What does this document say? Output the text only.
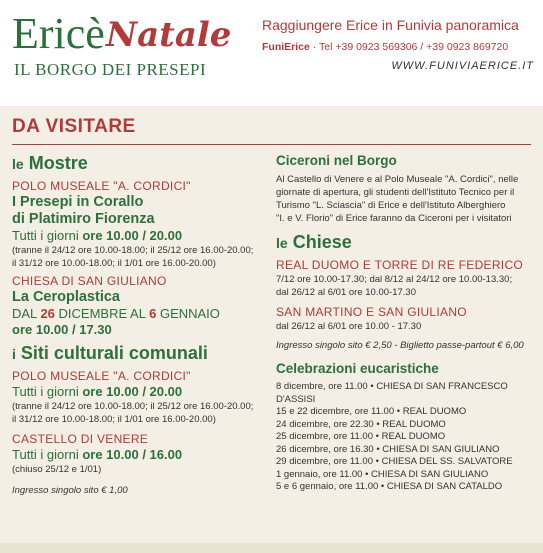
Ericè Natale
IL BORGO DEI PRESEPI
Raggiungere Erice in Funivia panoramica
FuniErice · Tel +39 0923 569306 / +39 0923 869720
WWW.FUNIVIAERICE.IT
DA VISITARE
le Mostre
POLO MUSEALE "A. CORDICI"
I Presepi in Corallo
di Platimiro Fiorenza
Tutti i giorni ore 10.00 / 20.00
(tranne il 24/12 ore 10.00-18.00; il 25/12 ore 16.00-20.00;
il 31/12 ore 10.00-18.00; il 1/01 ore 16.00-20.00)
CHIESA DI SAN GIULIANO
La Ceroplastica
DAL 26 DICEMBRE AL 6 GENNAIO
ore 10.00 / 17.30
i Siti culturali comunali
POLO MUSEALE "A. CORDICI"
Tutti i giorni ore 10.00 / 20.00
(tranne il 24/12 ore 10.00-18.00; il 25/12 ore 16.00-20.00;
il 31/12 ore 10.00-18.00; il 1/01 ore 16.00-20.00)
CASTELLO DI VENERE
Tutti i giorni ore 10.00 / 16.00
(chiuso 25/12 e 1/01)
Ingresso singolo sito € 1,00
Ciceroni nel Borgo
Al Castello di Venere e al Polo Museale "A. Cordici", nelle
giornate di apertura, gli studenti dell'Istituto Tecnico per il
Turismo "L. Sciascia" di Erice e dell'Istituto Alberghiero
"I. e V. Florio" di Erice faranno da Ciceroni per i visitatori
le Chiese
REAL DUOMO E TORRE DI RE FEDERICO
7/12 ore 10.00-17.30; dal 8/12 al 24/12 ore 10.00-13.30;
dal 26/12 al 6/01 ore 10.00-17.30
SAN MARTINO E SAN GIULIANO
dal 26/12 al 6/01 ore 10.00 - 17.30
Ingresso singolo sito € 2,50 - Biglietto passe-partout € 6,00
Celebrazioni eucaristiche
8 dicembre, ore 11.00 • CHIESA DI SAN FRANCESCO D'ASSISI
15 e 22 dicembre, ore 11.00 • REAL DUOMO
24 dicembre, ore 22.30 • REAL DUOMO
25 dicembre, ore 11.00 • REAL DUOMO
26 dicembre, ore 16.30 • CHIESA DI SAN GIULIANO
29 dicembre, ore 11.00 • CHIESA DEL SS. SALVATORE
1 gennaio, ore 11.00 • CHIESA DI SAN GIULIANO
5 e 6 gennaio, ore 11.00 • CHIESA DI SAN CATALDO
